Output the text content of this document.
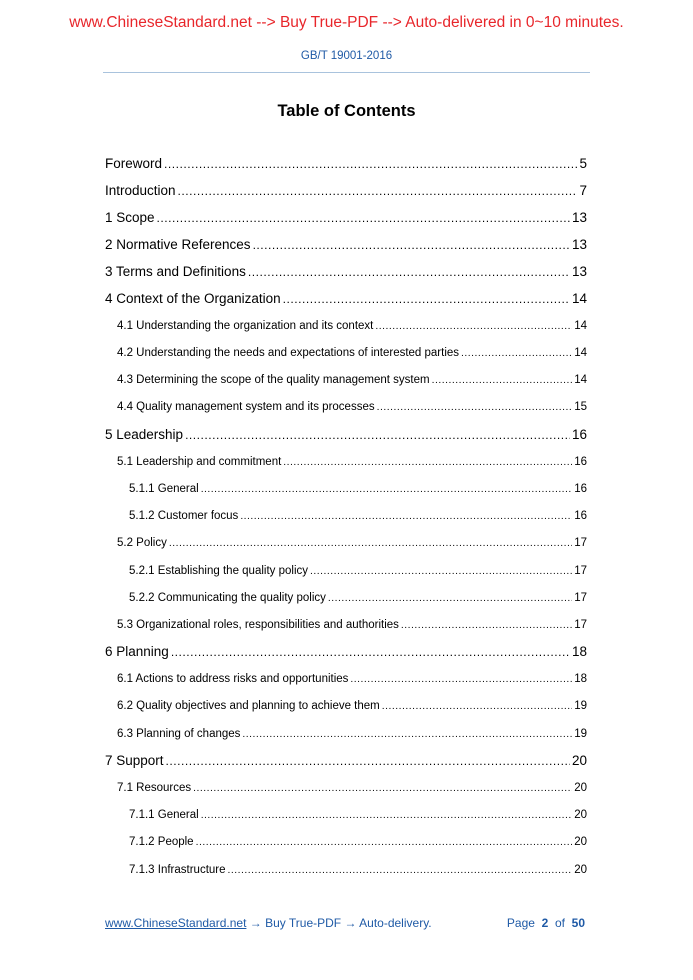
www.ChineseStandard.net --> Buy True-PDF --> Auto-delivered in 0~10 minutes.
GB/T 19001-2016
Table of Contents
Foreword .....	5
Introduction .....	7
1 Scope .....	13
2 Normative References .....	13
3 Terms and Definitions .....	13
4 Context of the Organization .....	14
4.1 Understanding the organization and its context .....	14
4.2 Understanding the needs and expectations of interested parties .....	14
4.3 Determining the scope of the quality management system .....	14
4.4 Quality management system and its processes .....	15
5 Leadership .....	16
5.1 Leadership and commitment .....	16
5.1.1 General .....	16
5.1.2 Customer focus .....	16
5.2 Policy .....	17
5.2.1 Establishing the quality policy .....	17
5.2.2 Communicating the quality policy .....	17
5.3 Organizational roles, responsibilities and authorities .....	17
6 Planning .....	18
6.1 Actions to address risks and opportunities .....	18
6.2 Quality objectives and planning to achieve them .....	19
6.3 Planning of changes .....	19
7 Support .....	20
7.1 Resources .....	20
7.1.1 General .....	20
7.1.2 People .....	20
7.1.3 Infrastructure .....	20
www.ChineseStandard.net → Buy True-PDF → Auto-delivery.	Page 2 of 50
